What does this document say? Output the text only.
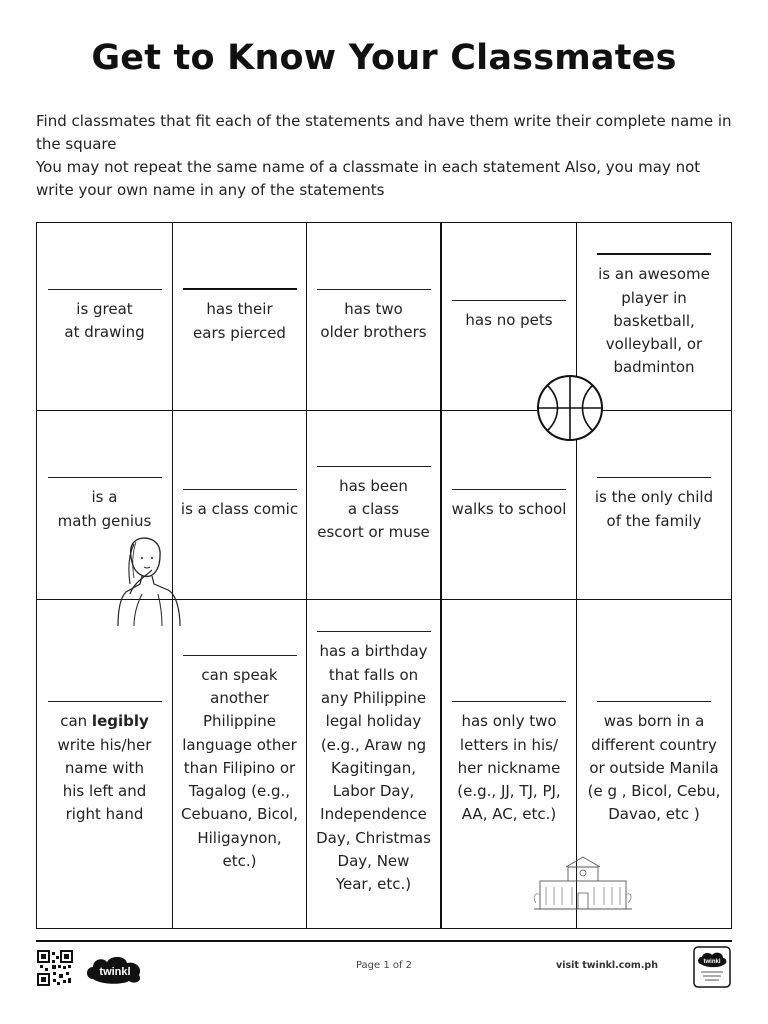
Get to Know Your Classmates

Find classmates that fit each of the statements and have them write their complete name in the square

You may not repeat the same name of a classmate in each statement Also, you may not write your own name in any of the statements

is great
at drawing
has their
ears pierced
has two
older brothers
has no pets
is an awesome
player in
basketball,
volleyball, or
badminton
is a
math genius
is a class comic
has been
a class
escort or muse
walks to school
is the only child
of the family
can legibly
write his/her
name with
his left and
right hand
can speak
another
Philippine
language other
than Filipino or
Tagalog (e.g.,
Cebuano, Bicol,
Hiligaynon,
etc.)
has a birthday
that falls on
any Philippine
legal holiday
(e.g., Araw ng
Kagitingan,
Labor Day,
Independence
Day, Christmas
Day, New
Year, etc.)
has only two
letters in his/
her nickname
(e.g., JJ, TJ, PJ,
AA, AC, etc.)
was born in a
different country
or outside Manila
(e g , Bicol, Cebu,
Davao, etc )
twinkl
Page 1 of 2	visit twinkl.com.ph	twinkl
